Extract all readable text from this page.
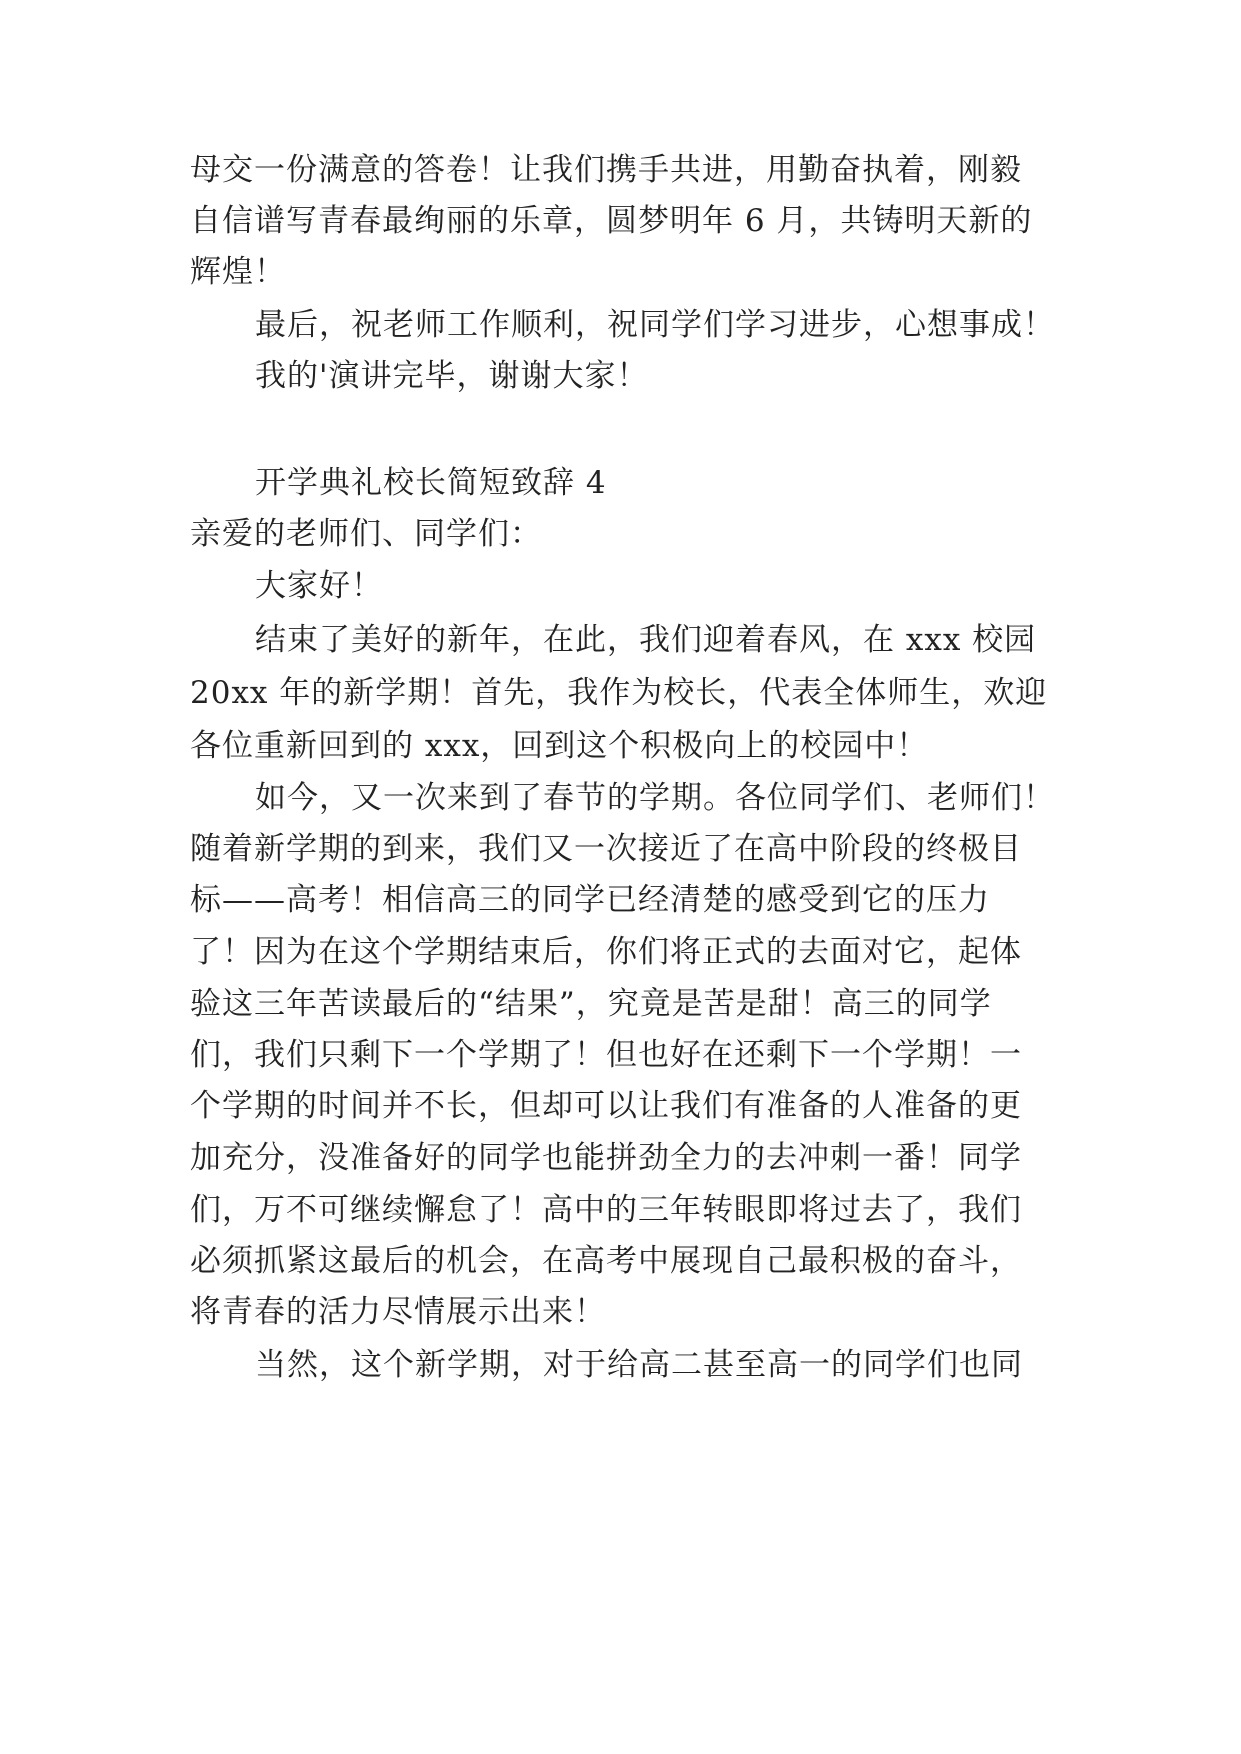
母交一份满意的答卷！让我们携手共进，用勤奋执着，刚毅
自信谱写青春最绚丽的乐章，圆梦明年 6 月，共铸明天新的
辉煌！
最后，祝老师工作顺利，祝同学们学习进步，心想事成！
我的'演讲完毕，谢谢大家！
开学典礼校长简短致辞 4
亲爱的老师们、同学们：
大家好！
结束了美好的新年，在此，我们迎着春风，在 xxx 校园
20xx 年的新学期！首先，我作为校长，代表全体师生，欢迎
各位重新回到的 xxx，回到这个积极向上的校园中！
如今，又一次来到了春节的学期。各位同学们、老师们！
随着新学期的到来，我们又一次接近了在高中阶段的终极目
标——高考！相信高三的同学已经清楚的感受到它的压力
了！因为在这个学期结束后，你们将正式的去面对它，起体
验这三年苦读最后的“结果”，究竟是苦是甜！高三的同学
们，我们只剩下一个学期了！但也好在还剩下一个学期！一
个学期的时间并不长，但却可以让我们有准备的人准备的更
加充分，没准备好的同学也能拼劲全力的去冲刺一番！同学
们，万不可继续懈怠了！高中的三年转眼即将过去了，我们
必须抓紧这最后的机会，在高考中展现自己最积极的奋斗，
将青春的活力尽情展示出来！
当然，这个新学期，对于给高二甚至高一的同学们也同
